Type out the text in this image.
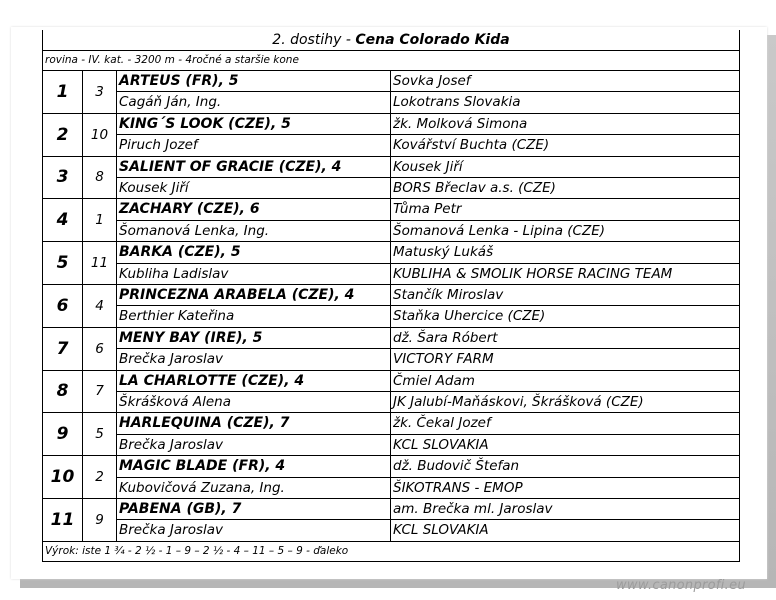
2. dostihy - Cena Colorado Kida
rovina - IV. kat. - 3200 m - 4ročné a staršie kone
1	3
ARTEUS (FR), 5	Sovka Josef
Cagáň Ján, Ing.	Lokotrans Slovakia
2	10
KING´S LOOK (CZE), 5	žk. Molková Simona
Piruch Jozef	Kovářství Buchta (CZE)
3	8
SALIENT OF GRACIE (CZE), 4	Kousek Jiří
Kousek Jiří	BORS Břeclav a.s. (CZE)
4	1
ZACHARY (CZE), 6	Tůma Petr
Šomanová Lenka, Ing.	Šomanová Lenka - Lipina (CZE)
5	11
BARKA (CZE), 5	Matuský Lukáš
Kubliha Ladislav	KUBLIHA & SMOLIK HORSE RACING TEAM
6	4
PRINCEZNA ARABELA (CZE), 4	Stančík Miroslav
Berthier Kateřina	Staňka Uhercice (CZE)
7	6
MENY BAY (IRE), 5	dž. Šara Róbert
Brečka Jaroslav	VICTORY FARM
8	7
LA CHARLOTTE (CZE), 4	Čmiel Adam
Škrášková Alena	JK Jalubí-Maňáskovi, Škrášková (CZE)
9	5
HARLEQUINA (CZE), 7	žk. Čekal Jozef
Brečka Jaroslav	KCL SLOVAKIA
10	2
MAGIC BLADE (FR), 4	dž. Budovič Štefan
Kubovičová Zuzana, Ing.	ŠIKOTRANS - EMOP
11	9
PABENA (GB), 7	am. Brečka ml. Jaroslav
Brečka Jaroslav	KCL SLOVAKIA
Výrok: iste 1 ¾ - 2 ½ - 1 – 9 – 2 ½ - 4 – 11 – 5 – 9 - ďaleko
www.canonprofi.eu
